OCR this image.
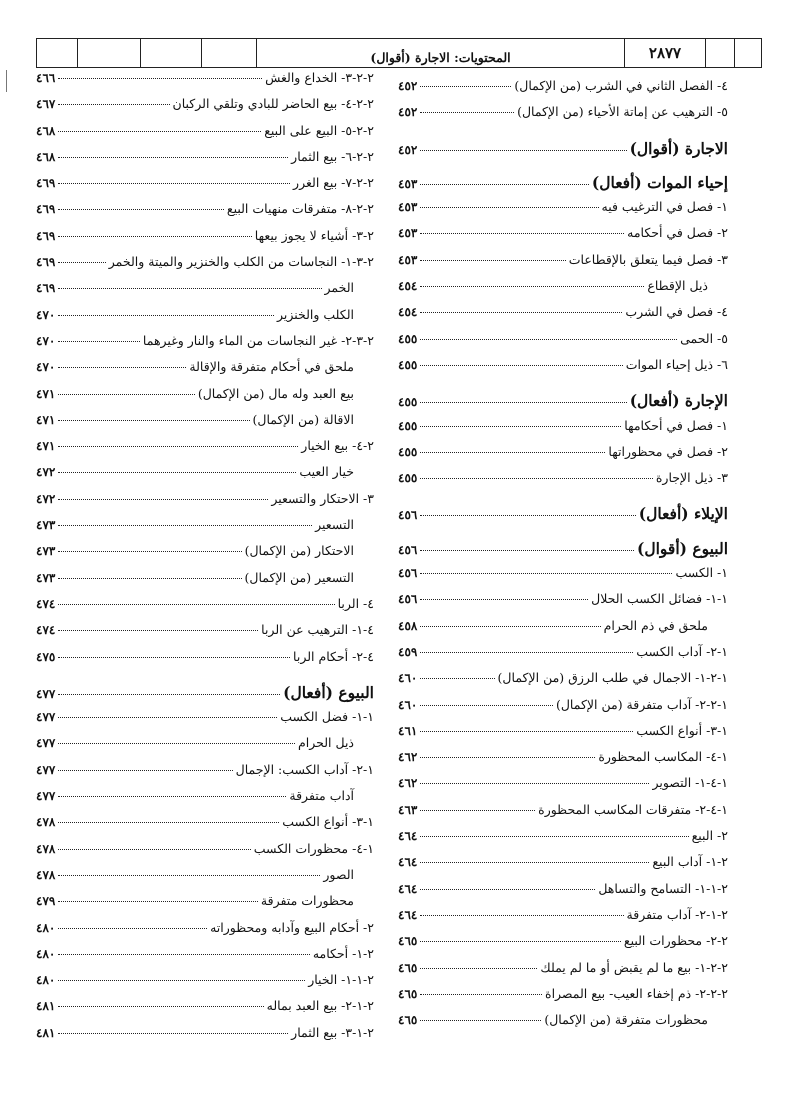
المحتويات: الاجارة (أقوال)	٢٨٧٧
٤- الفصل الثاني في الشرب (من الإكمال)
٤٥٢
٥- الترهيب عن إماتة الأحياء (من الإكمال)
٤٥٢
الاجارة (أقوال)
٤٥٢
إحياء الموات (أفعال)
٤٥٣
١- فصل في الترغيب فيه
٤٥٣
٢- فصل في أحكامه
٤٥٣
٣- فصل فيما يتعلق بالإقطاعات
٤٥٣
ذيل الإقطاع
٤٥٤
٤- فصل في الشرب
٤٥٤
٥- الحمى
٤٥٥
٦- ذيل إحياء الموات
٤٥٥
الإجارة (أفعال)
٤٥٥
١- فصل في أحكامها
٤٥٥
٢- فصل في محظوراتها
٤٥٥
٣- ذيل الإجارة
٤٥٥
الإيلاء (أفعال)
٤٥٦
البيوع (أقوال)
٤٥٦
١- الكسب
٤٥٦
١-١- فضائل الكسب الحلال
٤٥٦
ملحق في ذم الحرام
٤٥٨
١-٢- آداب الكسب
٤٥٩
١-٢-١- الاجمال في طلب الرزق (من الإكمال)
٤٦٠
١-٢-٢- آداب متفرقة (من الإكمال)
٤٦٠
١-٣- أنواع الكسب
٤٦١
١-٤- المكاسب المحظورة
٤٦٢
١-٤-١- التصوير
٤٦٢
١-٤-٢- متفرقات المكاسب المحظورة
٤٦٣
٢- البيع
٤٦٤
٢-١- آداب البيع
٤٦٤
٢-١-١- التسامح والتساهل
٤٦٤
٢-١-٢- آداب متفرقة
٤٦٤
٢-٢- محظورات البيع
٤٦٥
٢-٢-١- بيع ما لم يقبض أو ما لم يملك
٤٦٥
٢-٢-٢- ذم إخفاء العيب- بيع المصراة
٤٦٥
محظورات متفرقة (من الإكمال)
٤٦٥
٢-٢-٣- الخداع والغش
٤٦٦
٢-٢-٤- بيع الحاضر للبادي وتلقي الركبان
٤٦٧
٢-٢-٥- البيع على البيع
٤٦٨
٢-٢-٦- بيع الثمار
٤٦٨
٢-٢-٧- بيع الغرر
٤٦٩
٢-٢-٨- متفرقات منهيات البيع
٤٦٩
٢-٣- أشياء لا يجوز بيعها
٤٦٩
٢-٣-١- النجاسات من الكلب والخنزير والميتة والخمر
٤٦٩
الخمر
٤٦٩
الكلب والخنزير
٤٧٠
٢-٣-٢- غير النجاسات من الماء والنار وغيرهما
٤٧٠
ملحق في أحكام متفرقة والإقالة
٤٧٠
بيع العبد وله مال (من الإكمال)
٤٧١
الاقالة (من الإكمال)
٤٧١
٢-٤- بيع الخيار
٤٧١
خيار العيب
٤٧٢
٣- الاحتكار والتسعير
٤٧٢
التسعير
٤٧٣
الاحتكار (من الإكمال)
٤٧٣
التسعير (من الإكمال)
٤٧٣
٤- الربا
٤٧٤
٤-١- الترهيب عن الربا
٤٧٤
٤-٢- أحكام الربا
٤٧٥
البيوع (أفعال)
٤٧٧
١-١- فضل الكسب
٤٧٧
ذيل الحرام
٤٧٧
١-٢- آداب الكسب: الإجمال
٤٧٧
آداب متفرقة
٤٧٧
١-٣- أنواع الكسب
٤٧٨
١-٤- محظورات الكسب
٤٧٨
الصور
٤٧٨
محظورات متفرقة
٤٧٩
٢- أحكام البيع وآدابه ومحظوراته
٤٨٠
٢-١- أحكامه
٤٨٠
٢-١-١- الخيار
٤٨٠
٢-١-٢- بيع العبد بماله
٤٨١
٢-١-٣- بيع الثمار
٤٨١
